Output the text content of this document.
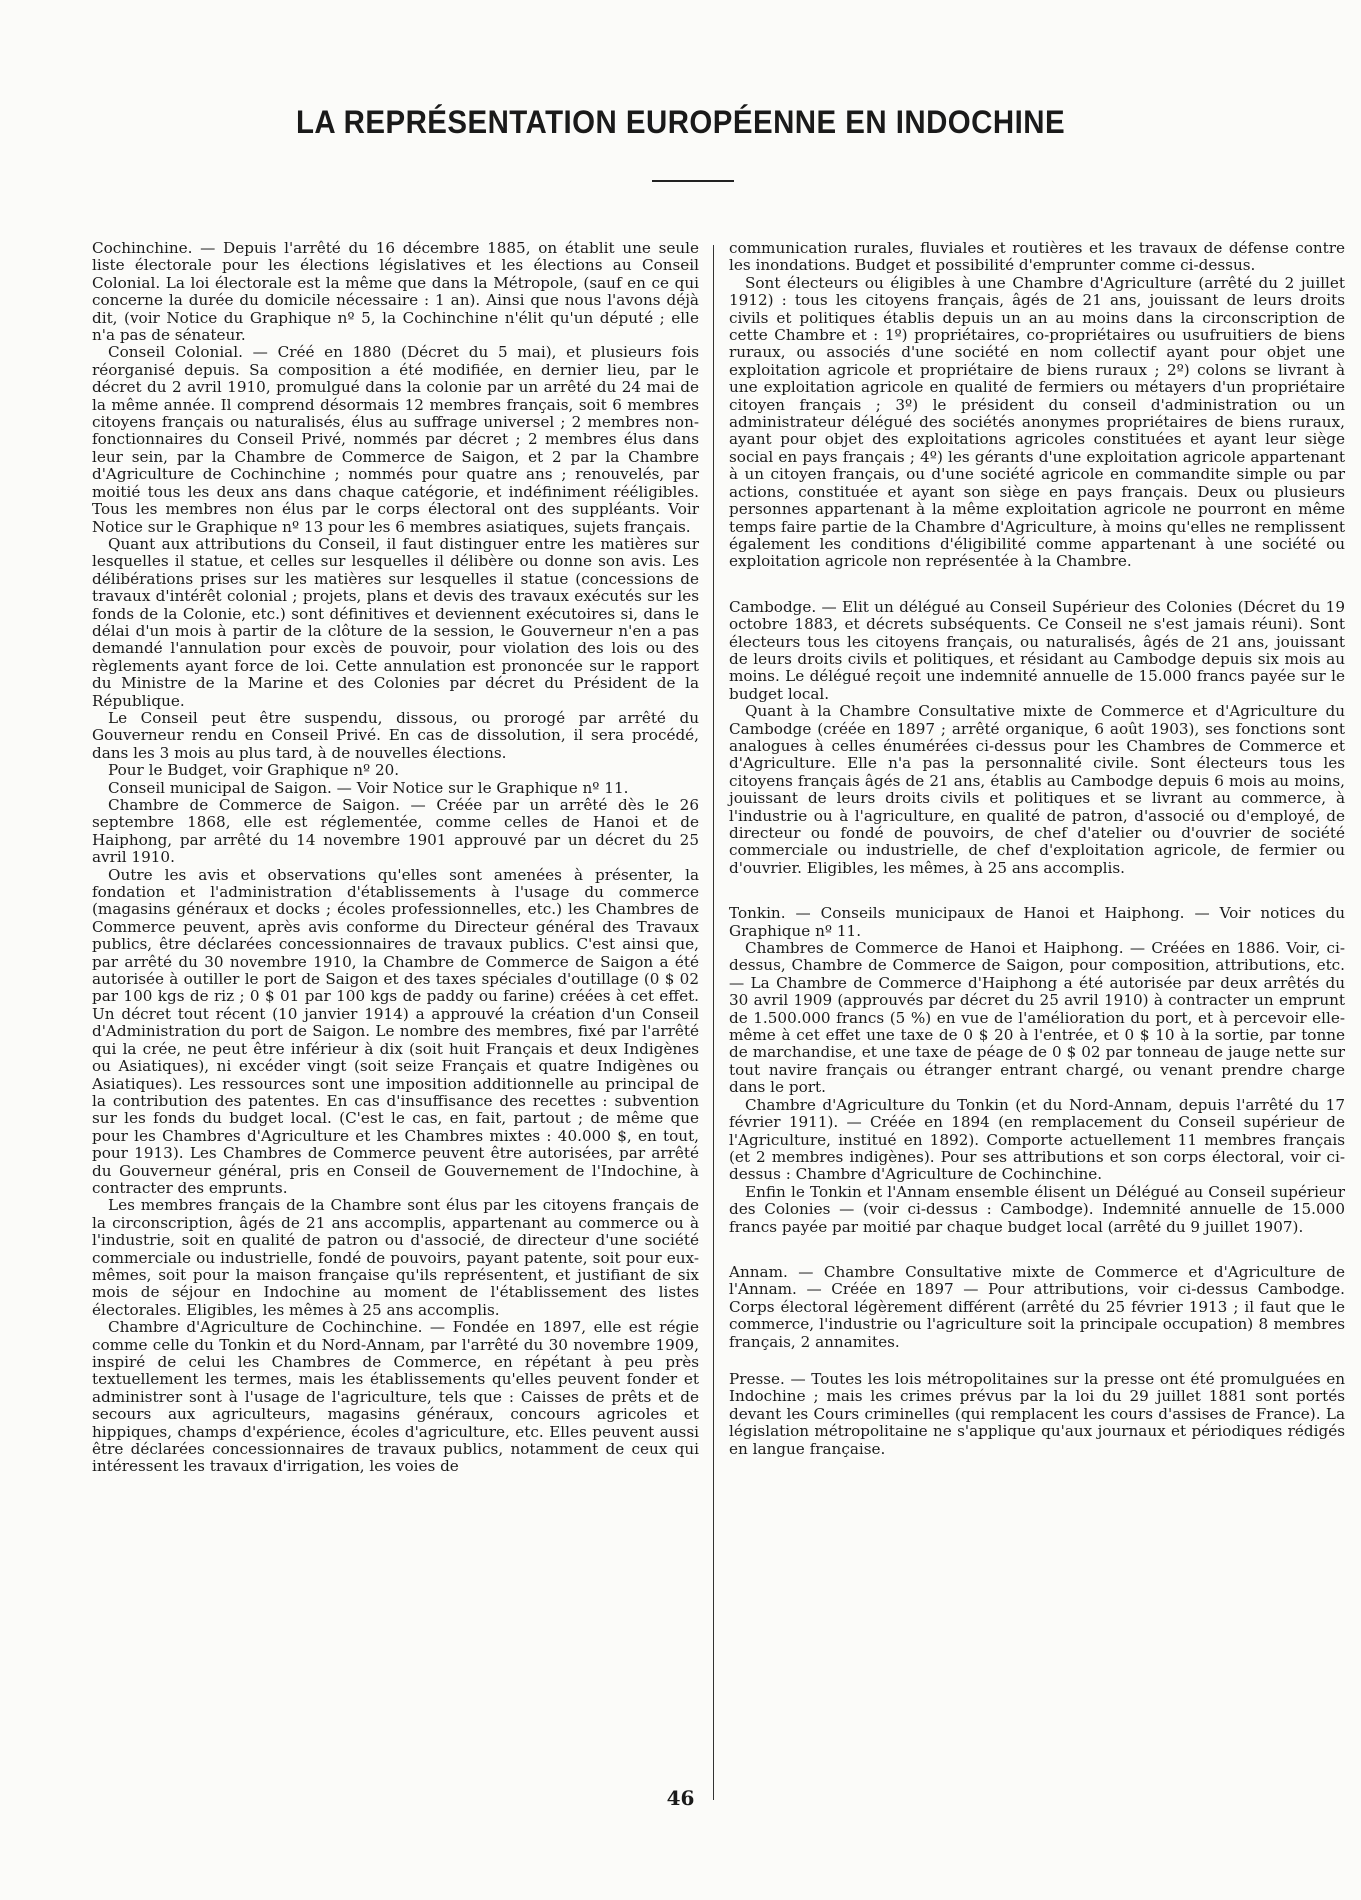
LA REPRÉSENTATION EUROPÉENNE EN INDOCHINE

Cochinchine. — Depuis l'arrêté du 16 décembre 1885, on établit une seule liste électorale pour les élections législatives et les élections au Conseil Colonial. La loi électorale est la même que dans la Métropole, (sauf en ce qui concerne la durée du domicile nécessaire : 1 an). Ainsi que nous l'avons déjà dit, (voir Notice du Graphique nº 5, la Cochinchine n'élit qu'un député ; elle n'a pas de sénateur.

Conseil Colonial. — Créé en 1880 (Décret du 5 mai), et plusieurs fois réorganisé depuis. Sa composition a été modifiée, en dernier lieu, par le décret du 2 avril 1910, promulgué dans la colonie par un arrêté du 24 mai de la même année. Il comprend désormais 12 membres français, soit 6 membres citoyens français ou naturalisés, élus au suffrage universel ; 2 membres non-fonctionnaires du Conseil Privé, nommés par décret ; 2 membres élus dans leur sein, par la Chambre de Commerce de Saigon, et 2 par la Chambre d'Agriculture de Cochinchine ; nommés pour quatre ans ; renouvelés, par moitié tous les deux ans dans chaque catégorie, et indéfiniment rééligibles. Tous les membres non élus par le corps électoral ont des suppléants. Voir Notice sur le Graphique nº 13 pour les 6 membres asiatiques, sujets français.

Quant aux attributions du Conseil, il faut distinguer entre les matières sur lesquelles il statue, et celles sur lesquelles il délibère ou donne son avis. Les délibérations prises sur les matières sur lesquelles il statue (concessions de travaux d'intérêt colonial ; projets, plans et devis des travaux exécutés sur les fonds de la Colonie, etc.) sont définitives et deviennent exécutoires si, dans le délai d'un mois à partir de la clôture de la session, le Gouverneur n'en a pas demandé l'annulation pour excès de pouvoir, pour violation des lois ou des règlements ayant force de loi. Cette annulation est prononcée sur le rapport du Ministre de la Marine et des Colonies par décret du Président de la République.

Le Conseil peut être suspendu, dissous, ou prorogé par arrêté du Gouverneur rendu en Conseil Privé. En cas de dissolution, il sera procédé, dans les 3 mois au plus tard, à de nouvelles élections.

Pour le Budget, voir Graphique nº 20.

Conseil municipal de Saigon. — Voir Notice sur le Graphique nº 11.

Chambre de Commerce de Saigon. — Créée par un arrêté dès le 26 septembre 1868, elle est réglementée, comme celles de Hanoi et de Haiphong, par arrêté du 14 novembre 1901 approuvé par un décret du 25 avril 1910.

Outre les avis et observations qu'elles sont amenées à présenter, la fondation et l'administration d'établissements à l'usage du commerce (magasins généraux et docks ; écoles professionnelles, etc.) les Chambres de Commerce peuvent, après avis conforme du Directeur général des Travaux publics, être déclarées concessionnaires de travaux publics. C'est ainsi que, par arrêté du 30 novembre 1910, la Chambre de Commerce de Saigon a été autorisée à outiller le port de Saigon et des taxes spéciales d'outillage (0 $ 02 par 100 kgs de riz ; 0 $ 01 par 100 kgs de paddy ou farine) créées à cet effet. Un décret tout récent (10 janvier 1914) a approuvé la création d'un Conseil d'Administration du port de Saigon. Le nombre des membres, fixé par l'arrêté qui la crée, ne peut être inférieur à dix (soit huit Français et deux Indigènes ou Asiatiques), ni excéder vingt (soit seize Français et quatre Indigènes ou Asiatiques). Les ressources sont une imposition additionnelle au principal de la contribution des patentes. En cas d'insuffisance des recettes : subvention sur les fonds du budget local. (C'est le cas, en fait, partout ; de même que pour les Chambres d'Agriculture et les Chambres mixtes : 40.000 $, en tout, pour 1913). Les Chambres de Commerce peuvent être autorisées, par arrêté du Gouverneur général, pris en Conseil de Gouvernement de l'Indochine, à contracter des emprunts.

Les membres français de la Chambre sont élus par les citoyens français de la circonscription, âgés de 21 ans accomplis, appartenant au commerce ou à l'industrie, soit en qualité de patron ou d'associé, de directeur d'une société commerciale ou industrielle, fondé de pouvoirs, payant patente, soit pour eux-mêmes, soit pour la maison française qu'ils représentent, et justifiant de six mois de séjour en Indochine au moment de l'établissement des listes électorales. Eligibles, les mêmes à 25 ans accomplis.

Chambre d'Agriculture de Cochinchine. — Fondée en 1897, elle est régie comme celle du Tonkin et du Nord-Annam, par l'arrêté du 30 novembre 1909, inspiré de celui les Chambres de Commerce, en répétant à peu près textuellement les termes, mais les établissements qu'elles peuvent fonder et administrer sont à l'usage de l'agriculture, tels que : Caisses de prêts et de secours aux agriculteurs, magasins généraux, concours agricoles et hippiques, champs d'expérience, écoles d'agriculture, etc. Elles peuvent aussi être déclarées concessionnaires de travaux publics, notamment de ceux qui intéressent les travaux d'irrigation, les voies de

communication rurales, fluviales et routières et les travaux de défense contre les inondations. Budget et possibilité d'emprunter comme ci-dessus.

Sont électeurs ou éligibles à une Chambre d'Agriculture (arrêté du 2 juillet 1912) : tous les citoyens français, âgés de 21 ans, jouissant de leurs droits civils et politiques établis depuis un an au moins dans la circonscription de cette Chambre et : 1º) propriétaires, co-propriétaires ou usufruitiers de biens ruraux, ou associés d'une société en nom collectif ayant pour objet une exploitation agricole et propriétaire de biens ruraux ; 2º) colons se livrant à une exploitation agricole en qualité de fermiers ou métayers d'un propriétaire citoyen français ; 3º) le président du conseil d'administration ou un administrateur délégué des sociétés anonymes propriétaires de biens ruraux, ayant pour objet des exploitations agricoles constituées et ayant leur siège social en pays français ; 4º) les gérants d'une exploitation agricole appartenant à un citoyen français, ou d'une société agricole en commandite simple ou par actions, constituée et ayant son siège en pays français. Deux ou plusieurs personnes appartenant à la même exploitation agricole ne pourront en même temps faire partie de la Chambre d'Agriculture, à moins qu'elles ne remplissent également les conditions d'éligibilité comme appartenant à une société ou exploitation agricole non représentée à la Chambre.

Cambodge. — Elit un délégué au Conseil Supérieur des Colonies (Décret du 19 octobre 1883, et décrets subséquents. Ce Conseil ne s'est jamais réuni). Sont électeurs tous les citoyens français, ou naturalisés, âgés de 21 ans, jouissant de leurs droits civils et politiques, et résidant au Cambodge depuis six mois au moins. Le délégué reçoit une indemnité annuelle de 15.000 francs payée sur le budget local.

Quant à la Chambre Consultative mixte de Commerce et d'Agriculture du Cambodge (créée en 1897 ; arrêté organique, 6 août 1903), ses fonctions sont analogues à celles énumérées ci-dessus pour les Chambres de Commerce et d'Agriculture. Elle n'a pas la personnalité civile. Sont électeurs tous les citoyens français âgés de 21 ans, établis au Cambodge depuis 6 mois au moins, jouissant de leurs droits civils et politiques et se livrant au commerce, à l'industrie ou à l'agriculture, en qualité de patron, d'associé ou d'employé, de directeur ou fondé de pouvoirs, de chef d'atelier ou d'ouvrier de société commerciale ou industrielle, de chef d'exploitation agricole, de fermier ou d'ouvrier. Eligibles, les mêmes, à 25 ans accomplis.

Tonkin. — Conseils municipaux de Hanoi et Haiphong. — Voir notices du Graphique nº 11.

Chambres de Commerce de Hanoi et Haiphong. — Créées en 1886. Voir, ci-dessus, Chambre de Commerce de Saigon, pour composition, attributions, etc. — La Chambre de Commerce d'Haiphong a été autorisée par deux arrêtés du 30 avril 1909 (approuvés par décret du 25 avril 1910) à contracter un emprunt de 1.500.000 francs (5 %) en vue de l'amélioration du port, et à percevoir elle-même à cet effet une taxe de 0 $ 20 à l'entrée, et 0 $ 10 à la sortie, par tonne de marchandise, et une taxe de péage de 0 $ 02 par tonneau de jauge nette sur tout navire français ou étranger entrant chargé, ou venant prendre charge dans le port.

Chambre d'Agriculture du Tonkin (et du Nord-Annam, depuis l'arrêté du 17 février 1911). — Créée en 1894 (en remplacement du Conseil supérieur de l'Agriculture, institué en 1892). Comporte actuellement 11 membres français (et 2 membres indigènes). Pour ses attributions et son corps électoral, voir ci-dessus : Chambre d'Agriculture de Cochinchine.

Enfin le Tonkin et l'Annam ensemble élisent un Délégué au Conseil supérieur des Colonies — (voir ci-dessus : Cambodge). Indemnité annuelle de 15.000 francs payée par moitié par chaque budget local (arrêté du 9 juillet 1907).

Annam. — Chambre Consultative mixte de Commerce et d'Agriculture de l'Annam. — Créée en 1897 — Pour attributions, voir ci-dessus Cambodge. Corps électoral légèrement différent (arrêté du 25 février 1913 ; il faut que le commerce, l'industrie ou l'agriculture soit la principale occupation) 8 membres français, 2 annamites.

Presse. — Toutes les lois métropolitaines sur la presse ont été promulguées en Indochine ; mais les crimes prévus par la loi du 29 juillet 1881 sont portés devant les Cours criminelles (qui remplacent les cours d'assises de France). La législation métropolitaine ne s'applique qu'aux journaux et périodiques rédigés en langue française.

46
